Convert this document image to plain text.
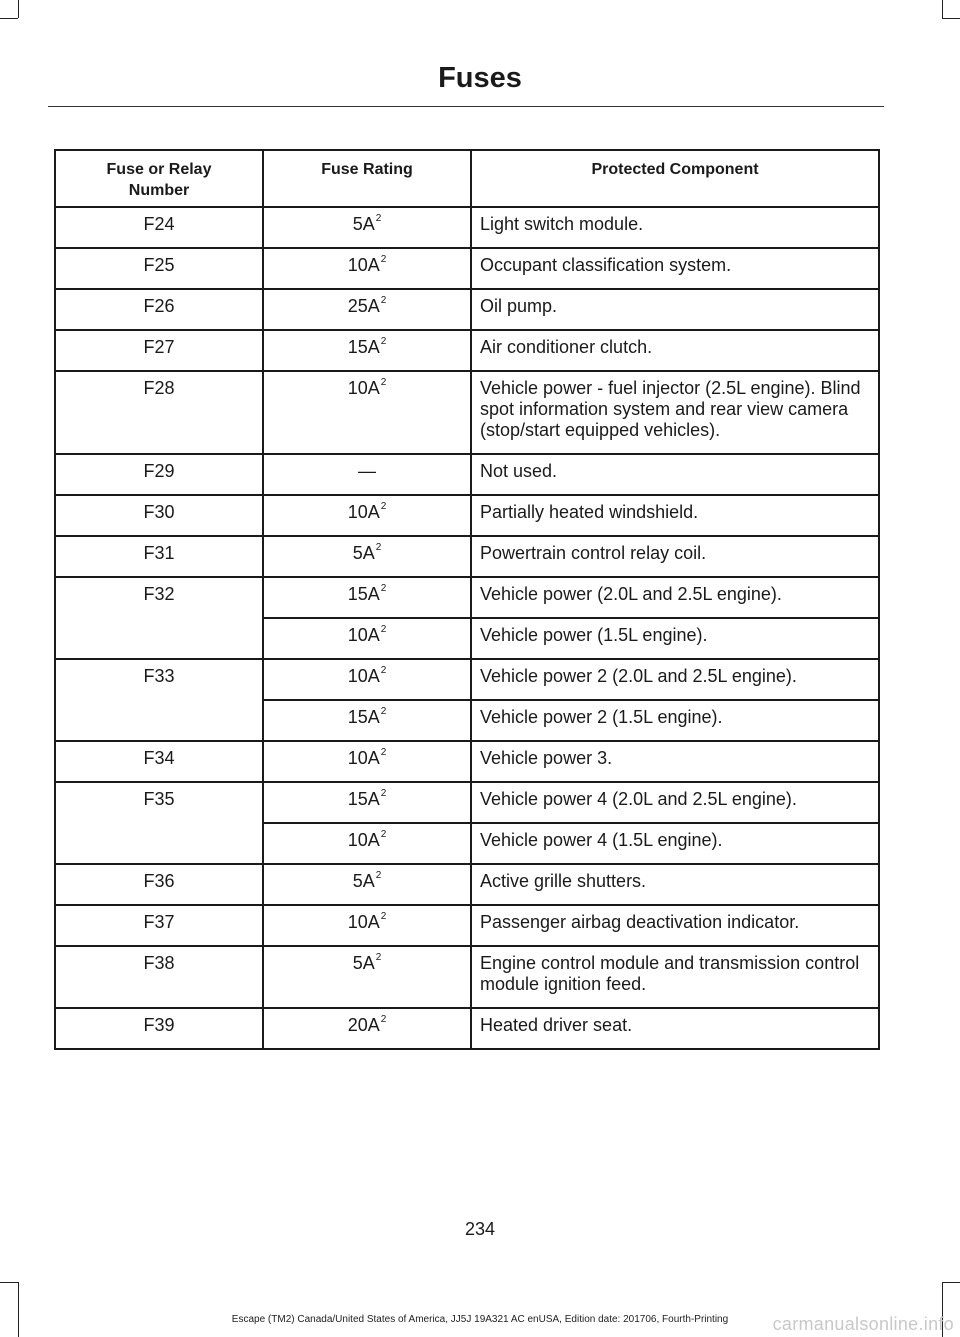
Fuses
Fuse or Relay
Number	Fuse Rating	Protected Component
F24	$5A^2$	Light switch module.
F25	$10A^2$	Occupant classification system.
F26	$25A^2$	Oil pump.
F27	$15A^2$	Air conditioner clutch.
F28	$10A^2$	Vehicle power - fuel injector (2.5L engine). Blind spot information system and rear view camera (stop/start equipped vehicles).
F29	—	Not used.
F30	$10A^2$	Partially heated windshield.
F31	$5A^2$	Powertrain control relay coil.
F32	$15A^2$	Vehicle power (2.0L and 2.5L engine).
	$10A^2$	Vehicle power (1.5L engine).
F33	$10A^2$	Vehicle power 2 (2.0L and 2.5L engine).
	$15A^2$	Vehicle power 2 (1.5L engine).
F34	$10A^2$	Vehicle power 3.
F35	$15A^2$	Vehicle power 4 (2.0L and 2.5L engine).
	$10A^2$	Vehicle power 4 (1.5L engine).
F36	$5A^2$	Active grille shutters.
F37	$10A^2$	Passenger airbag deactivation indicator.
F38	$5A^2$	Engine control module and transmission control module ignition feed.
F39	$20A^2$	Heated driver seat.
234
Escape (TM2) Canada/United States of America, JJ5J 19A321 AC enUSA, Edition date: 201706, Fourth-Printing	carmanualsonline.info
